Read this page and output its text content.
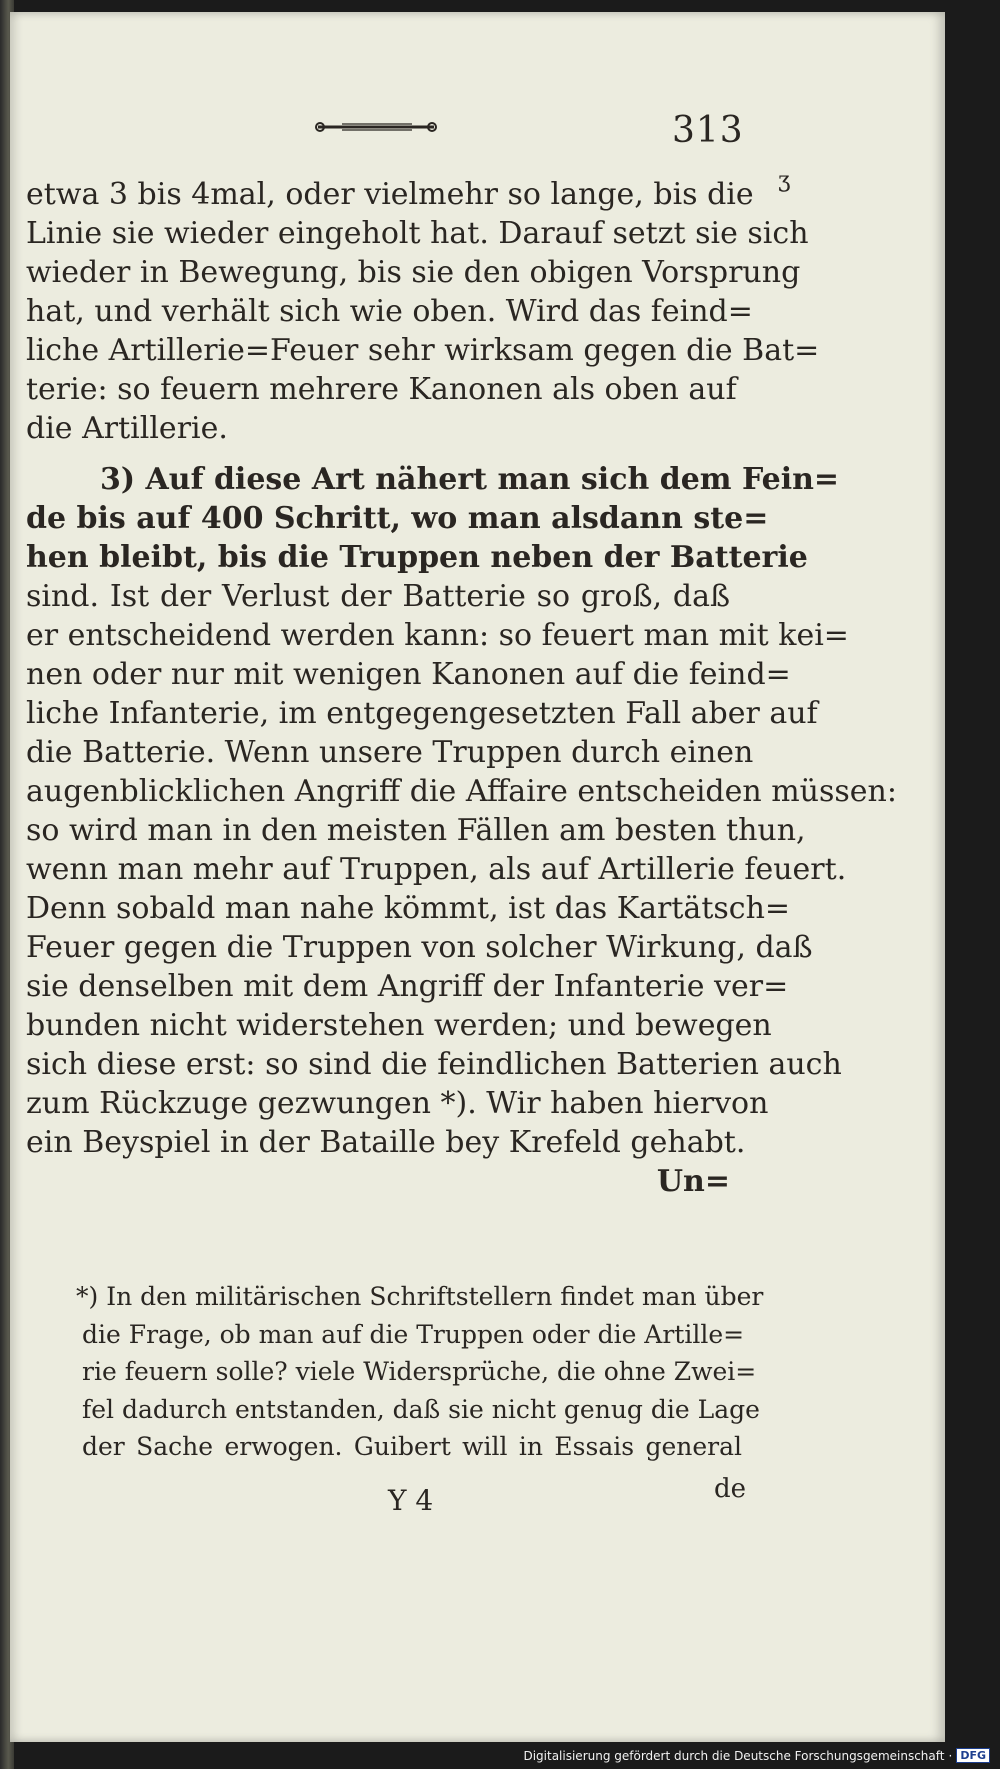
313
ʒ
etwa 3 bis 4mal, oder vielmehr so lange, bis die
Linie sie wieder eingeholt hat. Darauf setzt sie sich
wieder in Bewegung, bis sie den obigen Vorsprung
hat, und verhält sich wie oben. Wird das feind=
liche Artillerie=Feuer sehr wirksam gegen die Bat=
terie: so feuern mehrere Kanonen als oben auf
die Artillerie.
3) Auf diese Art nähert man sich dem Fein=
de bis auf 400 Schritt, wo man alsdann ste=
hen bleibt, bis die Truppen neben der Batterie
sind. Ist der Verlust der Batterie so groß, daß
er entscheidend werden kann: so feuert man mit kei=
nen oder nur mit wenigen Kanonen auf die feind=
liche Infanterie, im entgegengesetzten Fall aber auf
die Batterie. Wenn unsere Truppen durch einen
augenblicklichen Angriff die Affaire entscheiden müssen:
so wird man in den meisten Fällen am besten thun,
wenn man mehr auf Truppen, als auf Artillerie feuert.
Denn sobald man nahe kömmt, ist das Kartätsch=
Feuer gegen die Truppen von solcher Wirkung, daß
sie denselben mit dem Angriff der Infanterie ver=
bunden nicht widerstehen werden; und bewegen
sich diese erst: so sind die feindlichen Batterien auch
zum Rückzuge gezwungen *). Wir haben hiervon
ein Beyspiel in der Bataille bey Krefeld gehabt.
Un=
*) In den militärischen Schriftstellern findet man über
die Frage, ob man auf die Truppen oder die Artille=
rie feuern solle? viele Widersprüche, die ohne Zwei=
fel dadurch entstanden, daß sie nicht genug die Lage
der Sache erwogen. Guibert will in Essais general
Y 4	de
Digitalisierung gefördert durch die Deutsche Forschungsgemeinschaft · DFG
